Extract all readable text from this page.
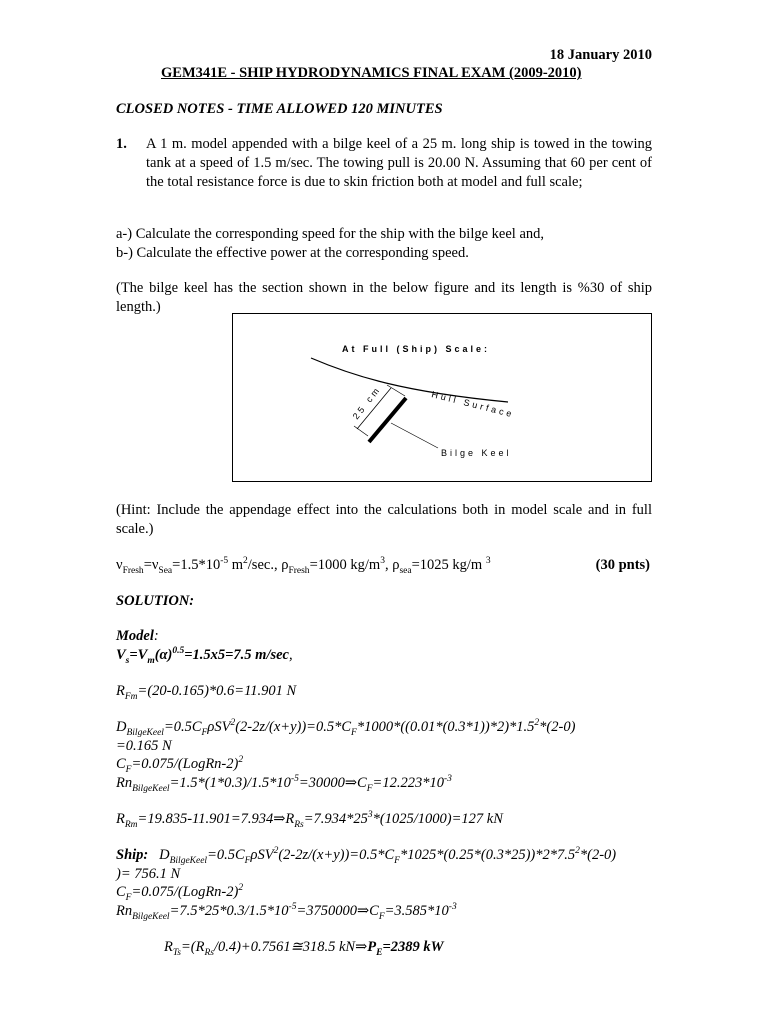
18 January 2010
GEM341E - SHIP HYDRODYNAMICS FINAL EXAM (2009-2010)
CLOSED NOTES - TIME ALLOWED 120 MINUTES
1. A 1 m. model appended with a bilge keel of a 25 m. long ship is towed in the towing tank at a speed of 1.5 m/sec. The towing pull is 20.00 N. Assuming that 60 per cent of the total resistance force is due to skin friction both at model and full scale;
a-) Calculate the corresponding speed for the ship with the bilge keel and,
b-) Calculate the effective power at the corresponding speed.
(The bilge keel has the section shown in the below figure and its length is %30 of ship length.)
At Full (Ship) Scale:
Hull Surface
25 cm
Bilge Keel
(Hint: Include the appendage effect into the calculations both in model scale and in full scale.)
$\nu_{Fresh}=\nu_{Sea}=1.5*10^{-5}$ $m^2/\sec$., $\rho_{Fresh}=1000$ $kg/m^3$, $\rho_{sea}=1025$ kg/m $^3$	(30 pnts)
SOLUTION:
Model:
$V_s=V_m(\alpha)^{0.5}=1.5x5=7.5$ m/sec,
$R_{Fm}=(20-0.165)*0.6=11.901$ N
$D_{BilgeKeel}=0.5C_F\rho SV^2(2-2z/(x+y))=0.5*C_F*1000*((0.01*(0.3*1))*2)*1.5^2*(2-0)$
=0.165 N
$C_F=0.075/(LogRn-2)^2$
$Rn_{BilgeKeel}=1.5*(1*0.3)/1.5*10^{-5}=30000\Rightarrow C_F=12.223*10^{-3}$
$R_{Rm}=19.835-11.901=7.934\Rightarrow R_{Rs}=7.934*25^3*(1025/1000)=127$ kN
Ship: $D_{BilgeKeel}=0.5C_F\rho SV^2(2-2z/(x+y))=0.5*C_F*1025*(0.25*(0.3*25))*2*7.5^2*(2-0)$
)= 756.1 N
$C_F=0.075/(LogRn-2)^2$
$Rn_{BilgeKeel}=7.5*25*0.3/1.5*10^{-5}=3750000\Rightarrow C_F=3.585*10^{-3}$
$R_{Ts}=(R_{Rs}/0.4)+0.7561≅318.5$ $kN\Rightarrow P_E=2389$ kW
